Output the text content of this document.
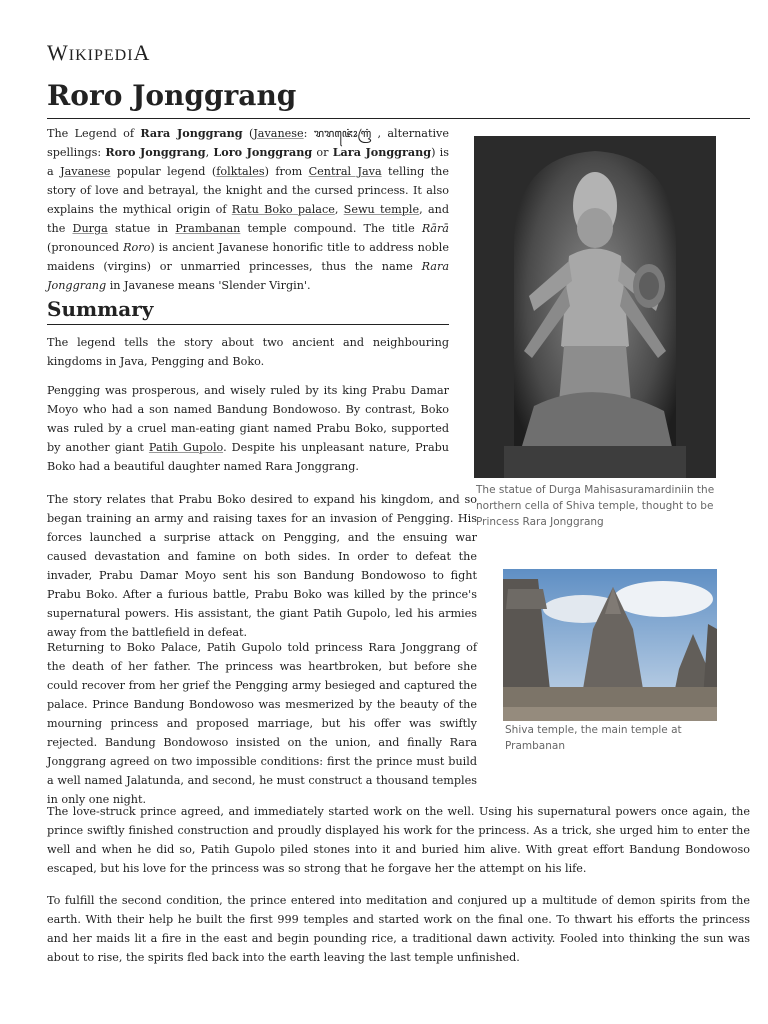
WIKIPEDIA
Roro Jonggrang

The Legend of Rara Jonggrang (Javanese: ꦫꦫꦗꦺꦴꦁꦒꦿꦁ , alternative spellings: Roro Jonggrang, Loro Jonggrang or Lara Jonggrang) is a Javanese popular legend (folktales) from Central Java telling the story of love and betrayal, the knight and the cursed princess. It also explains the mythical origin of Ratu Boko palace, Sewu temple, and the Durga statue in Prambanan temple compound. The title Rārā (pronounced Roro) is ancient Javanese honorific title to address noble maidens (virgins) or unmarried princesses, thus the name Rara Jonggrang in Javanese means 'Slender Virgin'.

Summary

The legend tells the story about two ancient and neighbouring kingdoms in Java, Pengging and Boko.

Pengging was prosperous, and wisely ruled by its king Prabu Damar Moyo who had a son named Bandung Bondowoso. By contrast, Boko was ruled by a cruel man-eating giant named Prabu Boko, supported by another giant Patih Gupolo. Despite his unpleasant nature, Prabu Boko had a beautiful daughter named Rara Jonggrang.

The story relates that Prabu Boko desired to expand his kingdom, and so began training an army and raising taxes for an invasion of Pengging. His forces launched a surprise attack on Pengging, and the ensuing war caused devastation and famine on both sides. In order to defeat the invader, Prabu Damar Moyo sent his son Bandung Bondowoso to fight Prabu Boko. After a furious battle, Prabu Boko was killed by the prince's supernatural powers. His assistant, the giant Patih Gupolo, led his armies away from the battlefield in defeat.

Returning to Boko Palace, Patih Gupolo told princess Rara Jonggrang of the death of her father. The princess was heartbroken, but before she could recover from her grief the Pengging army besieged and captured the palace. Prince Bandung Bondowoso was mesmerized by the beauty of the mourning princess and proposed marriage, but his offer was swiftly rejected. Bandung Bondowoso insisted on the union, and finally Rara Jonggrang agreed on two impossible conditions: first the prince must build a well named Jalatunda, and second, he must construct a thousand temples in only one night.

The love-struck prince agreed, and immediately started work on the well. Using his supernatural powers once again, the prince swiftly finished construction and proudly displayed his work for the princess. As a trick, she urged him to enter the well and when he did so, Patih Gupolo piled stones into it and buried him alive. With great effort Bandung Bondowoso escaped, but his love for the princess was so strong that he forgave her the attempt on his life.

To fulfill the second condition, the prince entered into meditation and conjured up a multitude of demon spirits from the earth. With their help he built the first 999 temples and started work on the final one. To thwart his efforts the princess and her maids lit a fire in the east and begin pounding rice, a traditional dawn activity. Fooled into thinking the sun was about to rise, the spirits fled back into the earth leaving the last temple unfinished.

The statue of Durga Mahisasuramardiniin the northern cella of Shiva temple, thought to be Princess Rara Jonggrang
Shiva temple, the main temple at Prambanan
